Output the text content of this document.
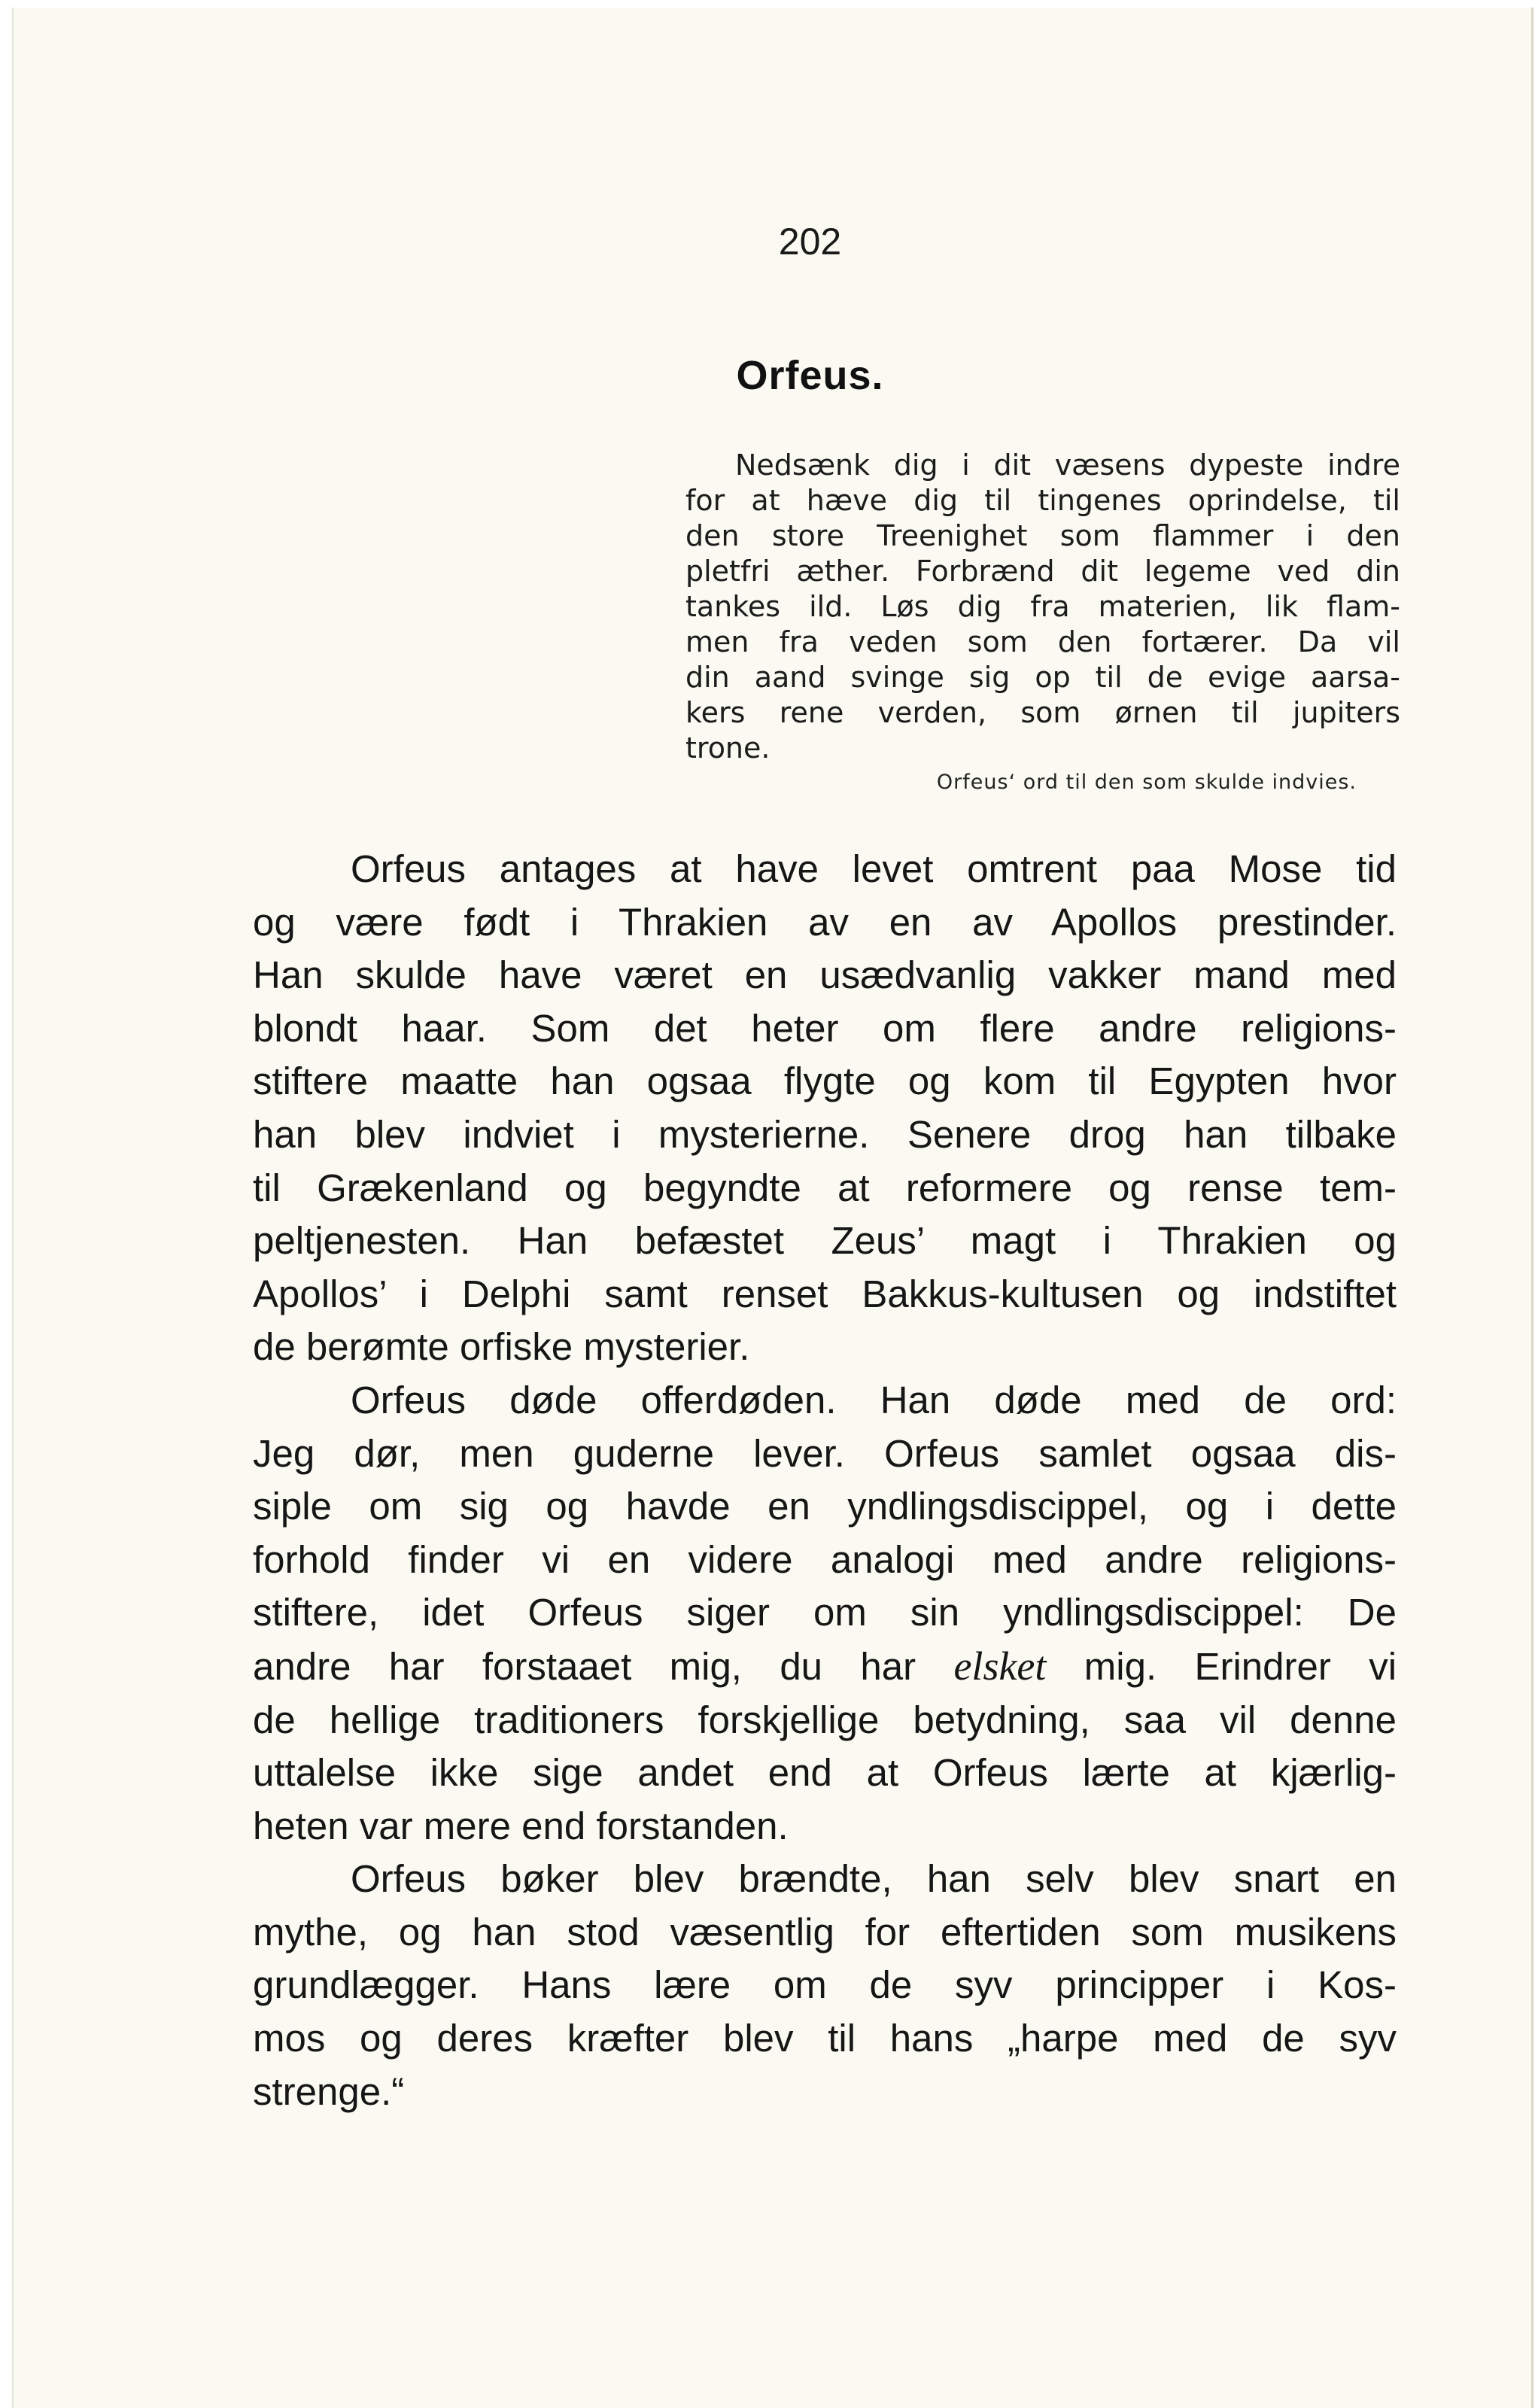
202
Orfeus.
Nedsænk dig i dit væsens dypeste indre
for at hæve dig til tingenes oprindelse, til
den store Treenighet som flammer i den
pletfri æther. Forbrænd dit legeme ved din
tankes ild. Løs dig fra materien, lik flam-
men fra veden som den fortærer. Da vil
din aand svinge sig op til de evige aarsa-
kers rene verden, som ørnen til jupiters
trone.
Orfeus‘ ord til den som skulde indvies.
Orfeus antages at have levet omtrent paa Mose tid
og være født i Thrakien av en av Apollos prestinder.
Han skulde have været en usædvanlig vakker mand med
blondt haar. Som det heter om flere andre religions-
stiftere maatte han ogsaa flygte og kom til Egypten hvor
han blev indviet i mysterierne. Senere drog han tilbake
til Grækenland og begyndte at reformere og rense tem-
peltjenesten. Han befæstet Zeus’ magt i Thrakien og
Apollos’ i Delphi samt renset Bakkus-kultusen og indstiftet
de berømte orfiske mysterier.
Orfeus døde offerdøden. Han døde med de ord:
Jeg dør, men guderne lever. Orfeus samlet ogsaa dis-
siple om sig og havde en yndlingsdiscippel, og i dette
forhold finder vi en videre analogi med andre religions-
stiftere, idet Orfeus siger om sin yndlingsdiscippel: De
andre har forstaaet mig, du har elsket mig. Erindrer vi
de hellige traditioners forskjellige betydning, saa vil denne
uttalelse ikke sige andet end at Orfeus lærte at kjærlig-
heten var mere end forstanden.
Orfeus bøker blev brændte, han selv blev snart en
mythe, og han stod væsentlig for eftertiden som musikens
grundlægger. Hans lære om de syv principper i Kos-
mos og deres kræfter blev til hans „harpe med de syv
strenge.“
